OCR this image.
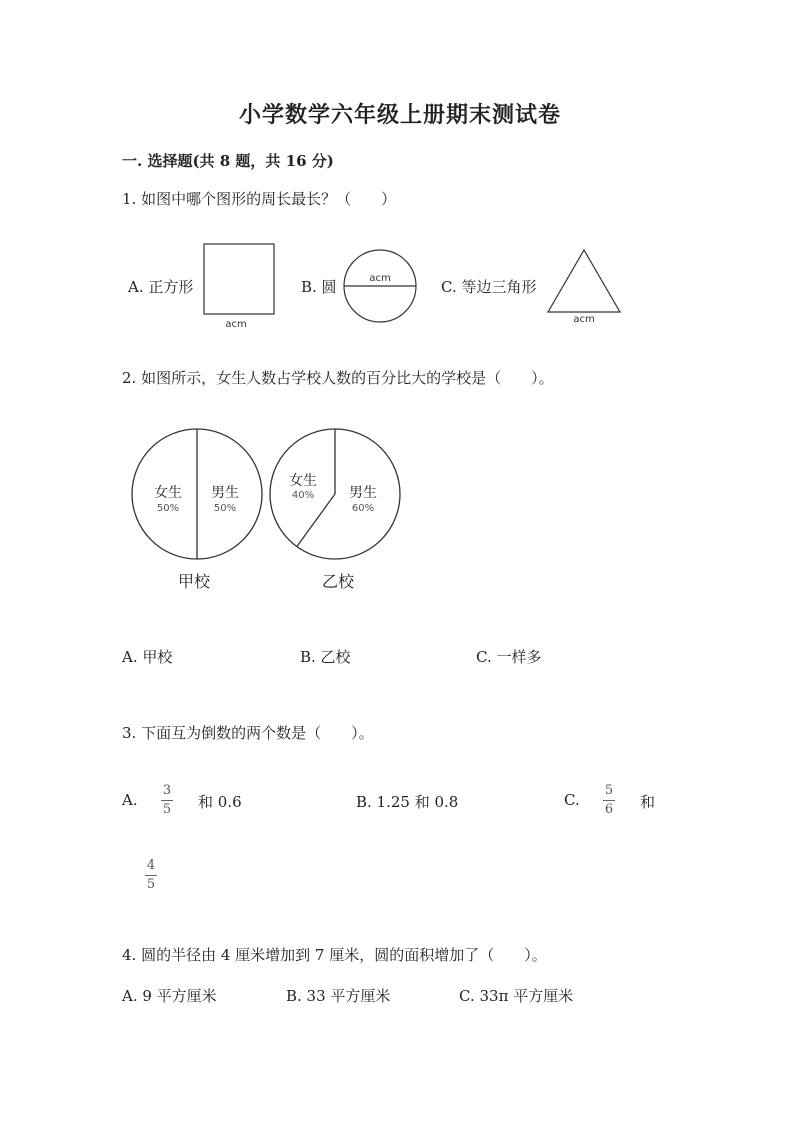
小学数学六年级上册期末测试卷
一. 选择题(共 8 题，共 16 分)
1. 如图中哪个图形的周长最长？（　　）
A. 正方形
acm
B. 圆	acm	C. 等边三角形
acm
2. 如图所示，女生人数占学校人数的百分比大的学校是（　　）。
女生
50%
男生
50%
甲校
女生
40% 男生
60%
乙校
A. 甲校	B. 乙校	C. 一样多
3. 下面互为倒数的两个数是（　　）。
A.
3
5 和 0.6	B. 1.25 和 0.8	C.
5
6 和
4
5
4. 圆的半径由 4 厘米增加到 7 厘米，圆的面积增加了（　　）。
A. 9 平方厘米	B. 33 平方厘米	C. 33π 平方厘米
